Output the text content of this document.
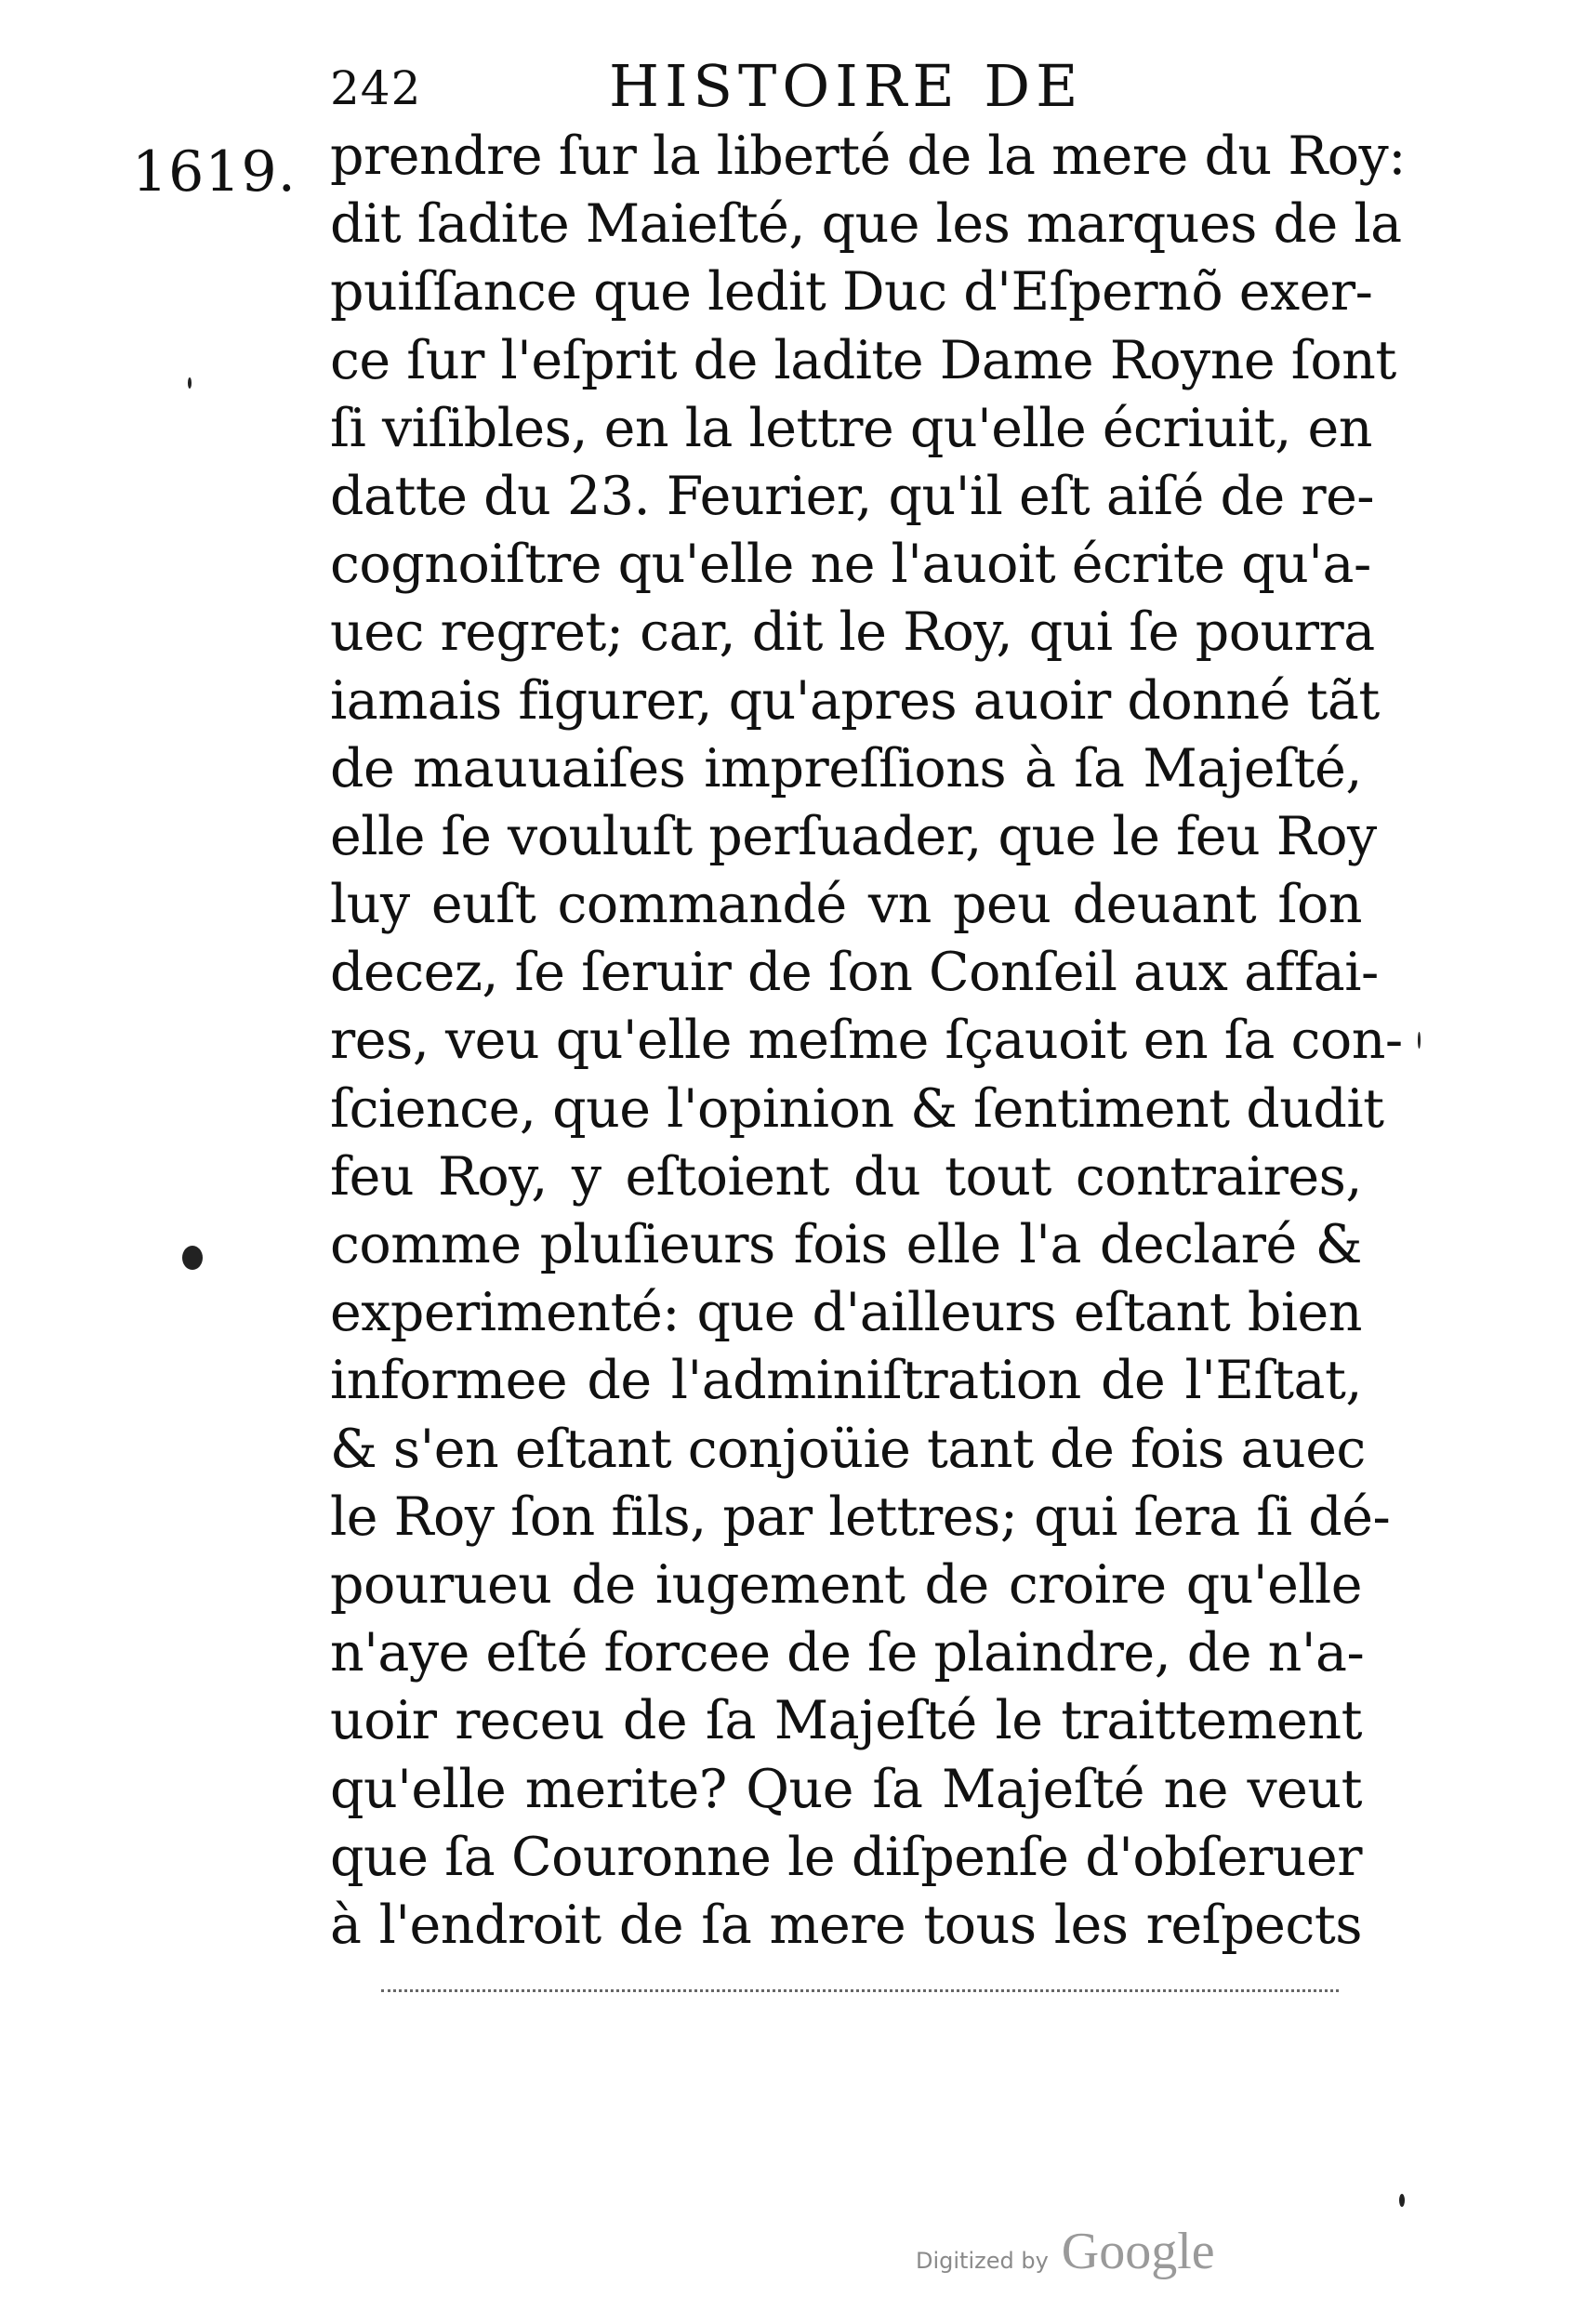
242	HISTOIRE DE
1619. prendre ſur la liberté de la mere du Roy:
dit ſadite Maieſté, que les marques de la
puiſſance que ledit Duc d'Eſpernõ exer-
ce ſur l'eſprit de ladite Dame Royne ſont
ſi viſibles, en la lettre qu'elle écriuit, en
datte du 23. Feurier, qu'il eſt aiſé de re-
cognoiſtre qu'elle ne l'auoit écrite qu'a-
uec regret; car, dit le Roy, qui ſe pourra
iamais figurer, qu'apres auoir donné tãt
de mauuaiſes impreſſions à ſa Majeſté,
elle ſe vouluſt perſuader, que le feu Roy
luy euſt commandé vn peu deuant ſon
decez, ſe ſeruir de ſon Conſeil aux affai-
res, veu qu'elle meſme ſçauoit en ſa con-
ſcience, que l'opinion & ſentiment dudit
feu Roy, y eſtoient du tout contraires,
comme pluſieurs fois elle l'a declaré &
experimenté: que d'ailleurs eſtant bien
informee de l'adminiſtration de l'Eſtat,
& s'en eſtant conjoüie tant de fois auec
le Roy ſon fils, par lettres; qui ſera ſi dé-
pourueu de iugement de croire qu'elle
n'aye eſté forcee de ſe plaindre, de n'a-
uoir receu de ſa Majeſté le traittement
qu'elle merite? Que ſa Majeſté ne veut
que ſa Couronne le diſpenſe d'obſeruer
à l'endroit de ſa mere tous les reſpects
Digitized by Google
